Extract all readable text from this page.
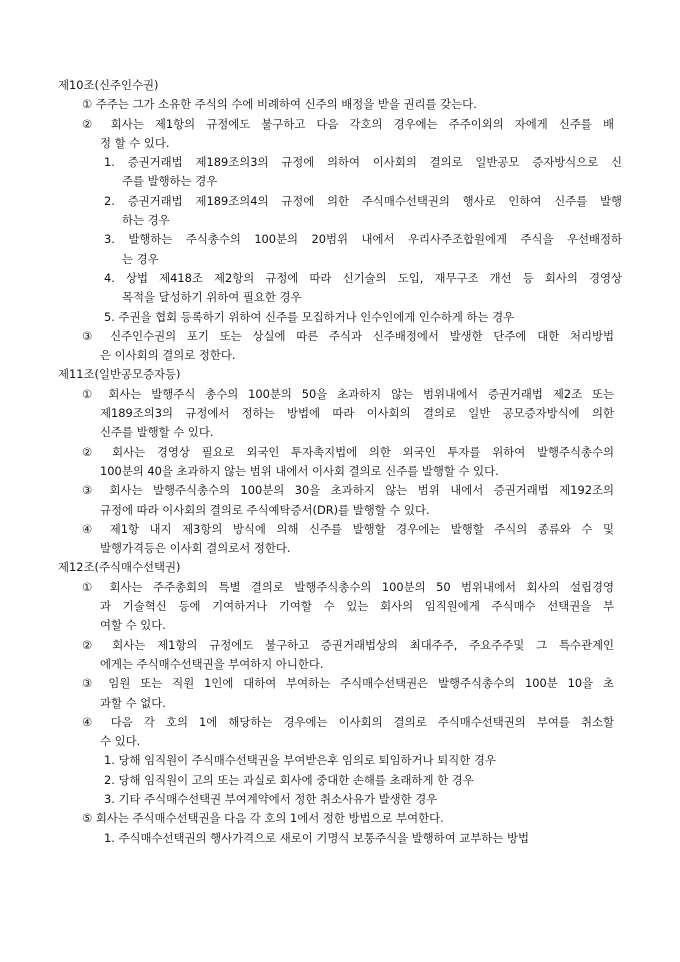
제10조(신주인수권)
① 주주는 그가 소유한 주식의 수에 비례하여 신주의 배정을 받을 권리를 갖는다.
② 회사는 제1항의 규정에도 불구하고 다음 각호의 경우에는 주주이외의 자에게 신주를 배
정 할 수 있다.
1. 증권거래법 제189조의3의 규정에 의하여 이사회의 결의로 일반공모 증자방식으로 신
주를 발행하는 경우
2. 증권거래법 제189조의4의 규정에 의한 주식매수선택권의 행사로 인하여 신주를 발행
하는 경우
3. 발행하는 주식총수의 100분의 20범위 내에서 우리사주조합원에게 주식을 우선배정하
는 경우
4. 상법 제418조 제2항의 규정에 따라 신기술의 도입, 재무구조 개선 등 회사의 경영상
목적을 달성하기 위하여 필요한 경우
5. 주권을 협회 등록하기 위하여 신주를 모집하거나 인수인에게 인수하게 하는 경우
③ 신주인수권의 포기 또는 상실에 따른 주식과 신주배정에서 발생한 단주에 대한 처리방법
은 이사회의 결의로 정한다.
제11조(일반공모증자등)
① 회사는 발행주식 총수의 100분의 50을 초과하지 않는 범위내에서 증권거래법 제2조 또는
제189조의3의 규정에서 정하는 방법에 따라 이사회의 결의로 일반 공모증자방식에 의한
신주를 발행할 수 있다.
② 회사는 경영상 필요로 외국인 투자촉지법에 의한 외국인 투자를 위하여 발행주식총수의
100분의 40을 초과하지 않는 범위 내에서 이사회 결의로 신주를 발행할 수 있다.
③ 회사는 발행주식총수의 100분의 30을 초과하지 않는 범위 내에서 증권거래법 제192조의
규정에 따라 이사회의 결의로 주식예탁증서(DR)를 발행할 수 있다.
④ 제1항 내지 제3항의 방식에 의해 신주를 발행할 경우에는 발행할 주식의 종류와 수 및
발행가격등은 이사회 결의로서 정한다.
제12조(주식매수선택권)
① 회사는 주주총회의 특별 결의로 발행주식총수의 100분의 50 범위내에서 회사의 설립경영
과 기술혁신 등에 기여하거나 기여할 수 있는 회사의 임직원에게 주식매수 선택권을 부
여할 수 있다.
② 회사는 제1항의 규정에도 불구하고 증권거래법상의 최대주주, 주요주주및 그 특수관계인
에게는 주식매수선택권을 부여하지 아니한다.
③ 임원 또는 직원 1인에 대하여 부여하는 주식매수선택권은 발행주식총수의 100분 10을 초
과할 수 없다.
④ 다음 각 호의 1에 해당하는 경우에는 이사회의 결의로 주식매수선택권의 부여를 취소할
수 있다.
1. 당해 임직원이 주식매수선택권을 부여받은후 임의로 퇴임하거나 퇴직한 경우
2. 당해 임직원이 고의 또는 과실로 회사에 중대한 손해를 초래하게 한 경우
3. 기타 주식매수선택권 부여계약에서 정한 취소사유가 발생한 경우
⑤ 회사는 주식매수선택권을 다음 각 호의 1에서 정한 방법으로 부여한다.
1. 주식매수선택권의 행사가격으로 새로이 기명식 보통주식을 발행하여 교부하는 방법
